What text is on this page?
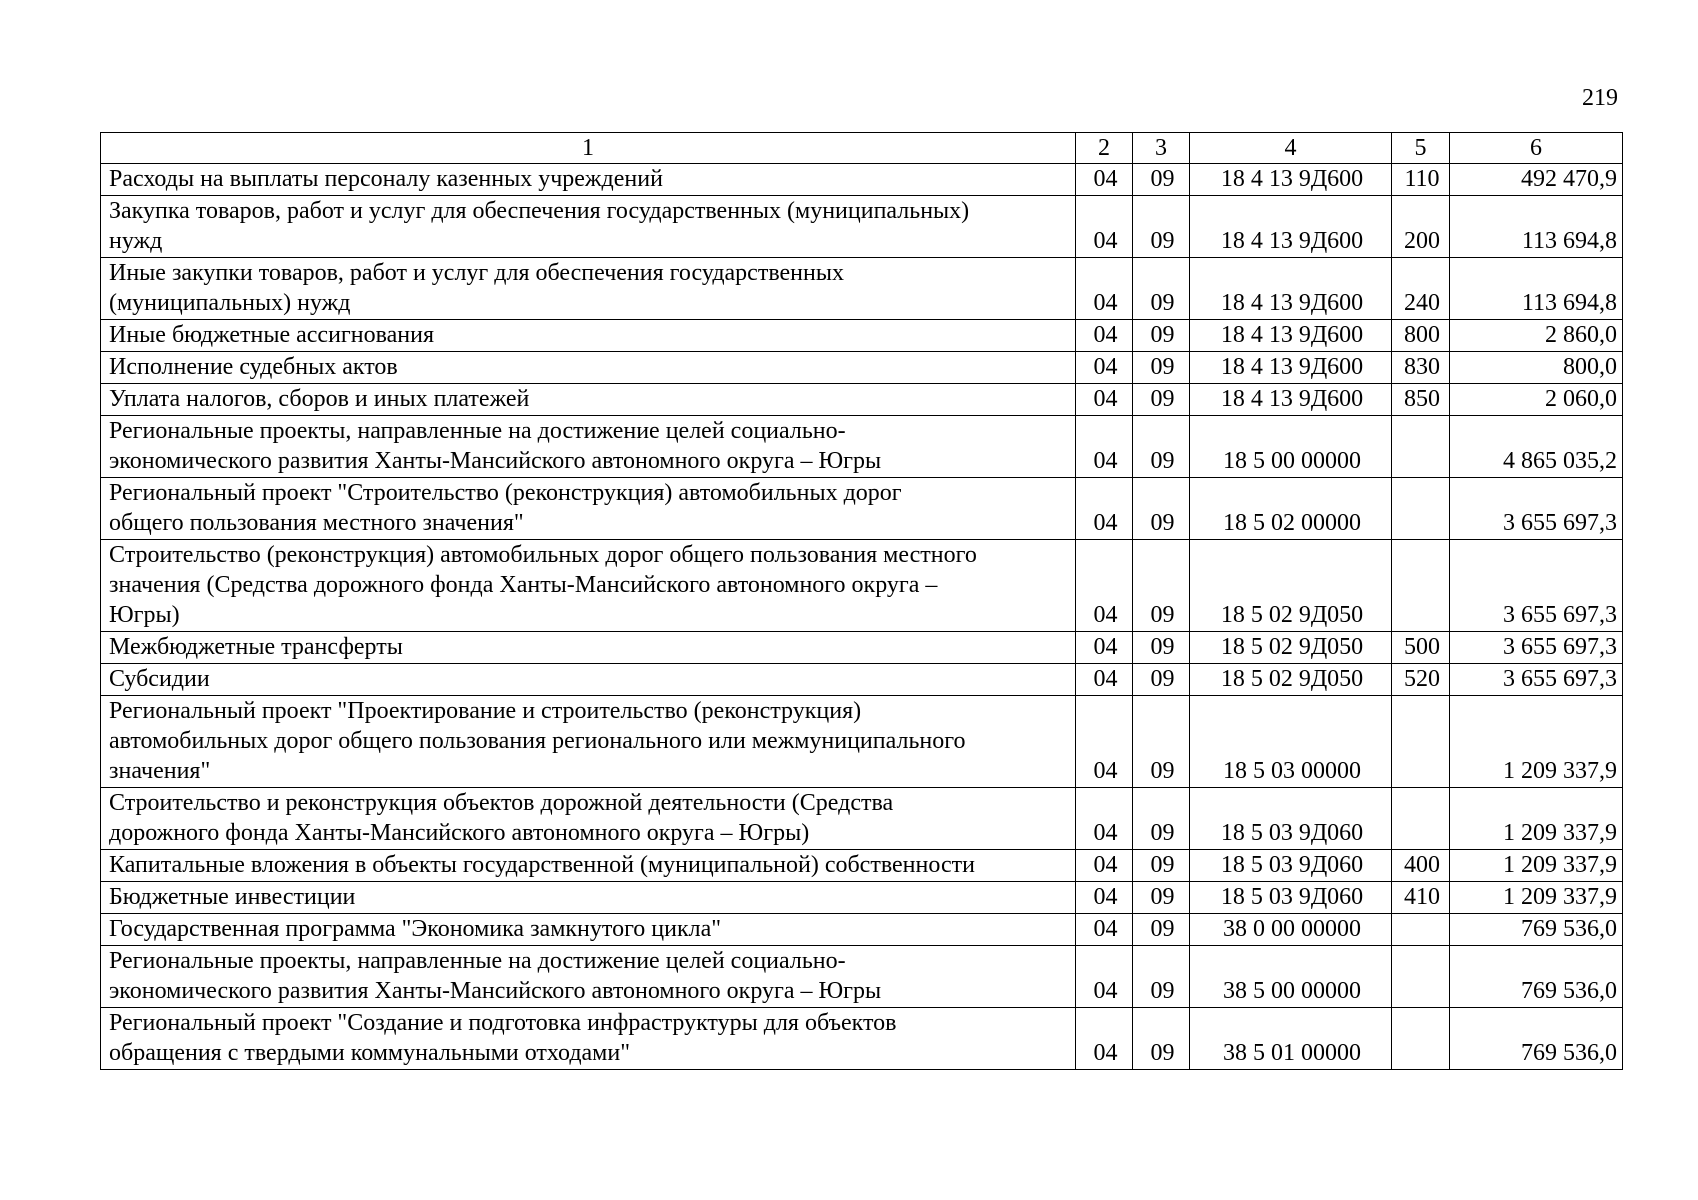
219
1	2	3	4	5	6

Расходы на выплаты персоналу казенных учреждений	04	09	18 4 13 9Д600	110	492 470,9

Закупка товаров, работ и услуг для обеспечения государственных (муниципальных)
нужд	04	09	18 4 13 9Д600	200	113 694,8

Иные закупки товаров, работ и услуг для обеспечения государственных
(муниципальных) нужд	04	09	18 4 13 9Д600	240	113 694,8

Иные бюджетные ассигнования	04	09	18 4 13 9Д600	800	2 860,0

Исполнение судебных актов	04	09	18 4 13 9Д600	830	800,0

Уплата налогов, сборов и иных платежей	04	09	18 4 13 9Д600	850	2 060,0

Региональные проекты, направленные на достижение целей социально-
экономического развития Ханты-Мансийского автономного округа – Югры	04	09	18 5 00 00000		4 865 035,2

Региональный проект "Строительство (реконструкция) автомобильных дорог
общего пользования местного значения"	04	09	18 5 02 00000		3 655 697,3

Строительство (реконструкция) автомобильных дорог общего пользования местного
значения (Средства дорожного фонда Ханты-Мансийского автономного округа –
Югры)	04	09	18 5 02 9Д050		3 655 697,3

Межбюджетные трансферты	04	09	18 5 02 9Д050	500	3 655 697,3

Субсидии	04	09	18 5 02 9Д050	520	3 655 697,3

Региональный проект "Проектирование и строительство (реконструкция)
автомобильных дорог общего пользования регионального или межмуниципального
значения"	04	09	18 5 03 00000		1 209 337,9

Строительство и реконструкция объектов дорожной деятельности (Средства
дорожного фонда Ханты-Мансийского автономного округа – Югры)	04	09	18 5 03 9Д060		1 209 337,9

Капитальные вложения в объекты государственной (муниципальной) собственности	04	09	18 5 03 9Д060	400	1 209 337,9

Бюджетные инвестиции	04	09	18 5 03 9Д060	410	1 209 337,9

Государственная программа "Экономика замкнутого цикла"	04	09	38 0 00 00000		769 536,0

Региональные проекты, направленные на достижение целей социально-
экономического развития Ханты-Мансийского автономного округа – Югры	04	09	38 5 00 00000		769 536,0

Региональный проект "Создание и подготовка инфраструктуры для объектов
обращения с твердыми коммунальными отходами"	04	09	38 5 01 00000		769 536,0
